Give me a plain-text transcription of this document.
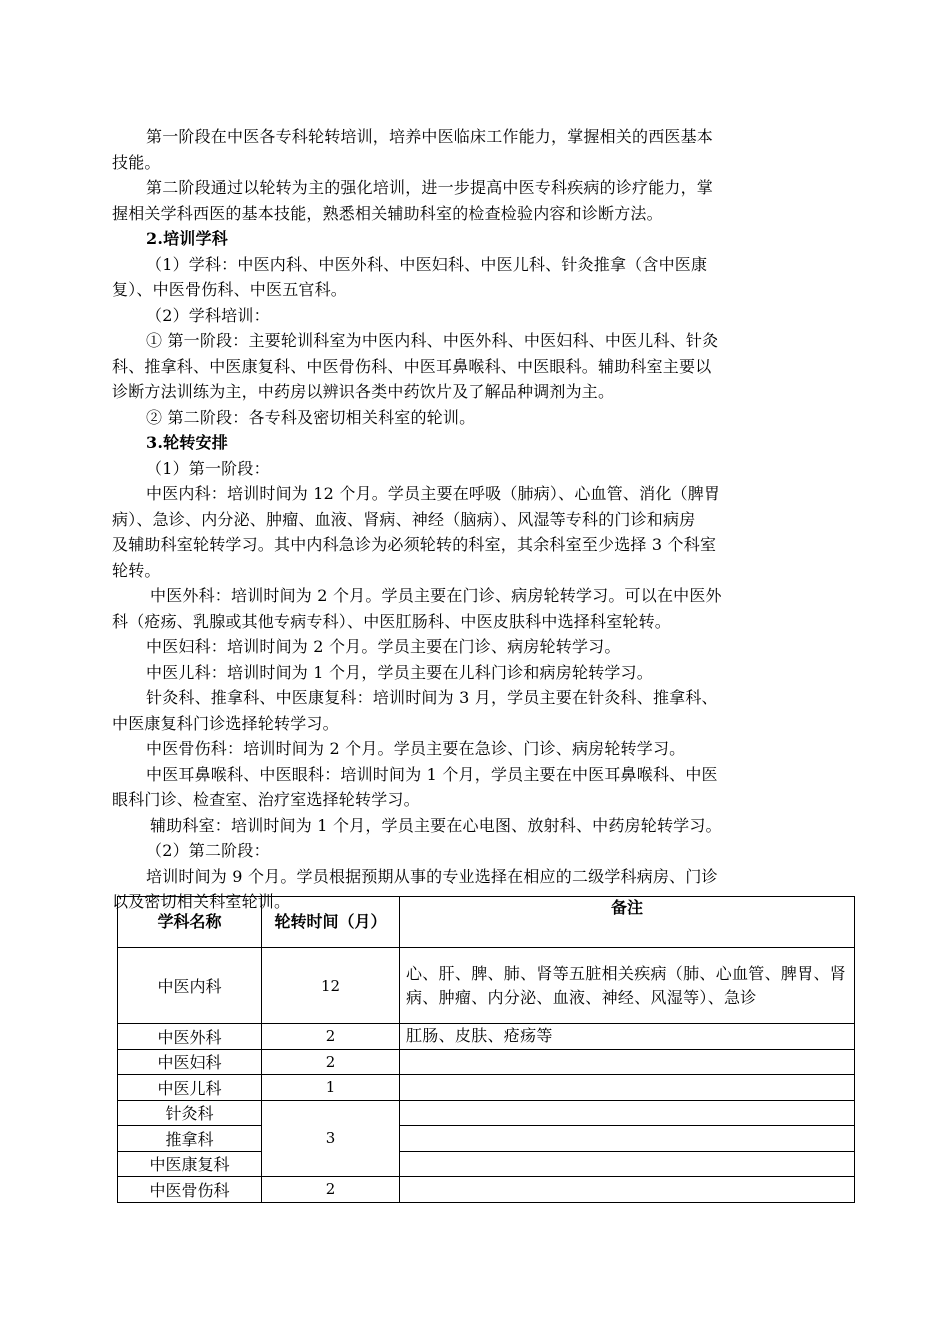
第一阶段在中医各专科轮转培训，培养中医临床工作能力，掌握相关的西医基本
技能。
第二阶段通过以轮转为主的强化培训，进一步提高中医专科疾病的诊疗能力，掌
握相关学科西医的基本技能，熟悉相关辅助科室的检查检验内容和诊断方法。
2.培训学科
（1）学科：中医内科、中医外科、中医妇科、中医儿科、针灸推拿（含中医康
复）、中医骨伤科、中医五官科。
（2）学科培训：
① 第一阶段：主要轮训科室为中医内科、中医外科、中医妇科、中医儿科、针灸
科、推拿科、中医康复科、中医骨伤科、中医耳鼻喉科、中医眼科。辅助科室主要以
诊断方法训练为主，中药房以辨识各类中药饮片及了解品种调剂为主。
② 第二阶段：各专科及密切相关科室的轮训。
3.轮转安排
（1）第一阶段：
中医内科：培训时间为 12 个月。学员主要在呼吸（肺病）、心血管、消化（脾胃
病）、急诊、内分泌、肿瘤、血液、肾病、神经（脑病）、风湿等专科的门诊和病房
及辅助科室轮转学习。其中内科急诊为必须轮转的科室，其余科室至少选择 3 个科室
轮转。
中医外科：培训时间为 2 个月。学员主要在门诊、病房轮转学习。可以在中医外
科（疮疡、乳腺或其他专病专科）、中医肛肠科、中医皮肤科中选择科室轮转。
中医妇科：培训时间为 2 个月。学员主要在门诊、病房轮转学习。
中医儿科：培训时间为 1 个月，学员主要在儿科门诊和病房轮转学习。
针灸科、推拿科、中医康复科：培训时间为 3 月，学员主要在针灸科、推拿科、
中医康复科门诊选择轮转学习。
中医骨伤科：培训时间为 2 个月。学员主要在急诊、门诊、病房轮转学习。
中医耳鼻喉科、中医眼科：培训时间为 1 个月，学员主要在中医耳鼻喉科、中医
眼科门诊、检查室、治疗室选择轮转学习。
辅助科室：培训时间为 1 个月，学员主要在心电图、放射科、中药房轮转学习。
（2）第二阶段：
培训时间为 9 个月。学员根据预期从事的专业选择在相应的二级学科病房、门诊
以及密切相关科室轮训。
学科名称	轮转时间（月）	备注
中医内科	12	心、肝、脾、肺、肾等五脏相关疾病（肺、心血管、脾胃、肾病、肿瘤、内分泌、血液、神经、风湿等）、急诊
中医外科	2	肛肠、皮肤、疮疡等
中医妇科	2	
中医儿科	1	
针灸科	3	
推拿科		
中医康复科		
中医骨伤科	2	
